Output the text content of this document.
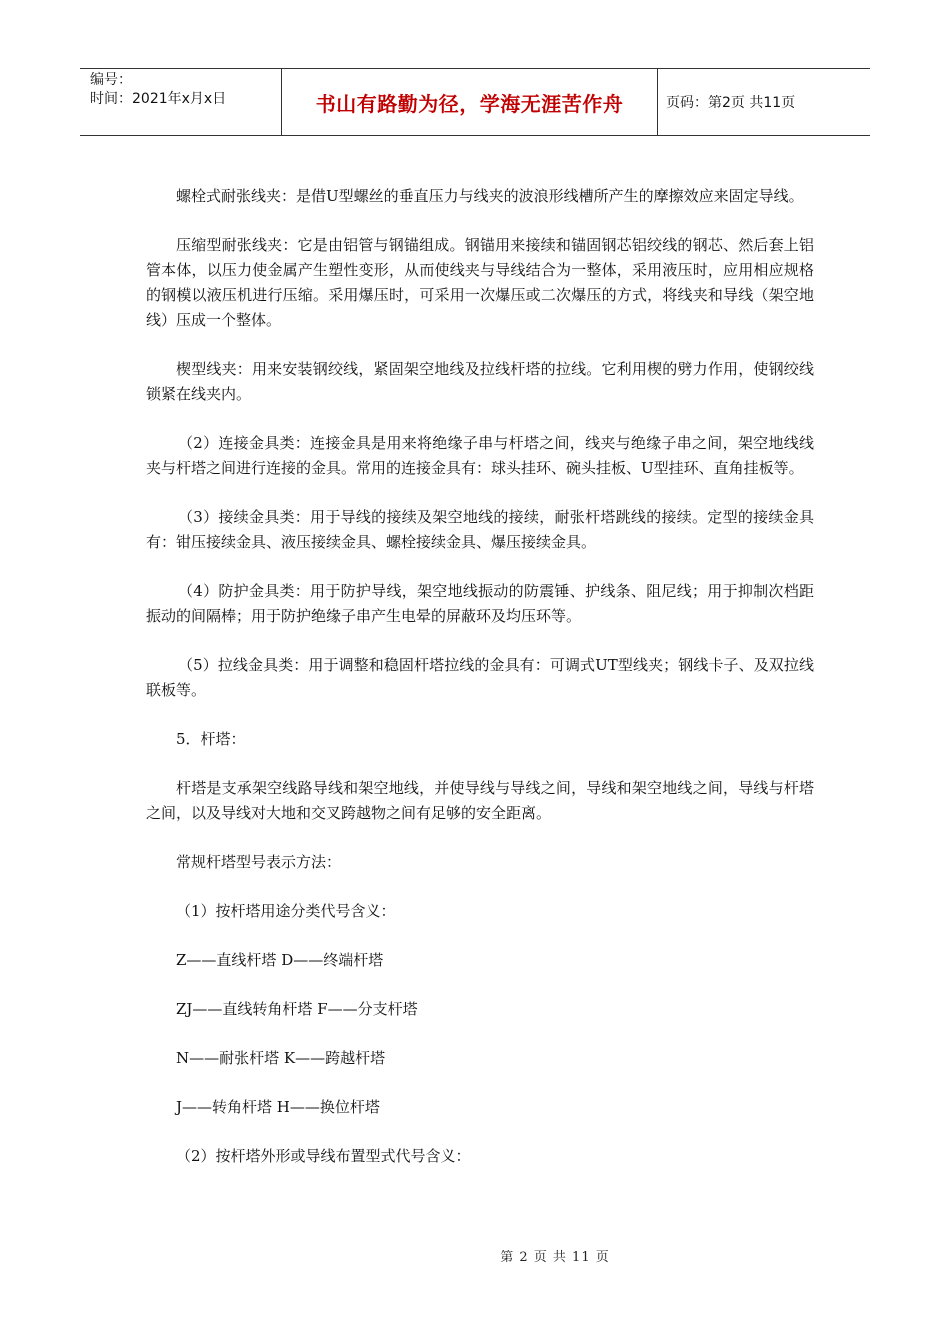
编号：
时间：2021年x月x日	书山有路勤为径，学海无涯苦作舟	页码：第2页 共11页

螺栓式耐张线夹：是借U型螺丝的垂直压力与线夹的波浪形线槽所产生的摩擦效应来固定导线。

压缩型耐张线夹：它是由铝管与钢锚组成。钢锚用来接续和锚固钢芯铝绞线的钢芯、然后套上铝管本体，以压力使金属产生塑性变形，从而使线夹与导线结合为一整体，采用液压时，应用相应规格的钢模以液压机进行压缩。采用爆压时，可采用一次爆压或二次爆压的方式，将线夹和导线（架空地线）压成一个整体。

楔型线夹：用来安装钢绞线，紧固架空地线及拉线杆塔的拉线。它利用楔的劈力作用，使钢绞线锁紧在线夹内。

（2）连接金具类：连接金具是用来将绝缘子串与杆塔之间，线夹与绝缘子串之间，架空地线线夹与杆塔之间进行连接的金具。常用的连接金具有：球头挂环、碗头挂板、U型挂环、直角挂板等。

（3）接续金具类：用于导线的接续及架空地线的接续，耐张杆塔跳线的接续。定型的接续金具有：钳压接续金具、液压接续金具、螺栓接续金具、爆压接续金具。

（4）防护金具类：用于防护导线，架空地线振动的防震锤、护线条、阻尼线；用于抑制次档距振动的间隔棒；用于防护绝缘子串产生电晕的屏蔽环及均压环等。

（5）拉线金具类：用于调整和稳固杆塔拉线的金具有：可调式UT型线夹；钢线卡子、及双拉线联板等。

5．杆塔：

杆塔是支承架空线路导线和架空地线，并使导线与导线之间，导线和架空地线之间，导线与杆塔之间，以及导线对大地和交叉跨越物之间有足够的安全距离。

常规杆塔型号表示方法：

（1）按杆塔用途分类代号含义：

Z——直线杆塔 D——终端杆塔

ZJ——直线转角杆塔 F——分支杆塔

N——耐张杆塔 K——跨越杆塔

J——转角杆塔 H——换位杆塔

（2）按杆塔外形或导线布置型式代号含义：

第 2 页 共 11 页
